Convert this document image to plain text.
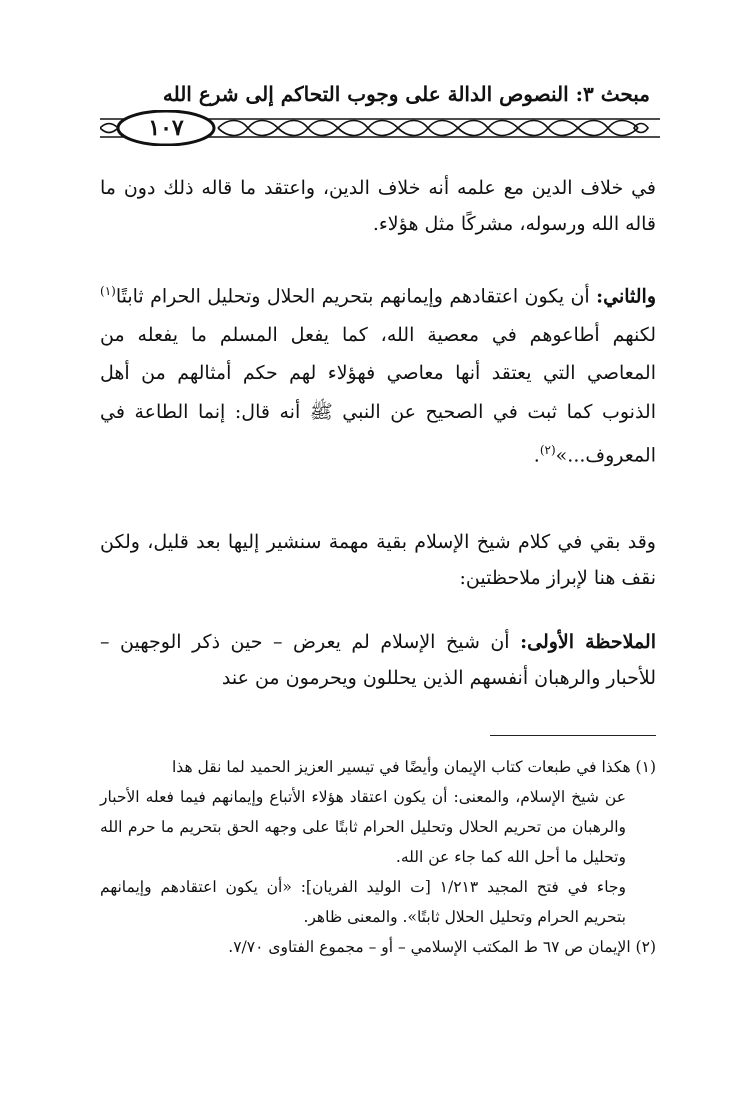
مبحث ٣: النصوص الدالة على وجوب التحاكم إلى شرع الله
١٠٧
في خلاف الدين مع علمه أنه خلاف الدين، واعتقد ما قاله ذلك دون ما قاله الله ورسوله، مشركًا مثل هؤلاء.
والثاني: أن يكون اعتقادهم وإيمانهم بتحريم الحلال وتحليل الحرام ثابتًا$^{(١)}$ لكنهم أطاعوهم في معصية الله، كما يفعل المسلم ما يفعله من المعاصي التي يعتقد أنها معاصي فهؤلاء لهم حكم أمثالهم من أهل الذنوب كما ثبت في الصحيح عن النبي ﷺ أنه قال: إنما الطاعة في المعروف...»$^{(٢)}$.
وقد بقي في كلام شيخ الإسلام بقية مهمة سنشير إليها بعد قليل، ولكن نقف هنا لإبراز ملاحظتين:
الملاحظة الأولى: أن شيخ الإسلام لم يعرض – حين ذكر الوجهين – للأحبار والرهبان أنفسهم الذين يحللون ويحرمون من عند

(١) هكذا في طبعات كتاب الإيمان وأيضًا في تيسير العزيز الحميد لما نقل هذا

عن شيخ الإسلام، والمعنى: أن يكون اعتقاد هؤلاء الأتباع وإيمانهم فيما فعله الأحبار والرهبان من تحريم الحلال وتحليل الحرام ثابتًا على وجهه الحق بتحريم ما حرم الله وتحليل ما أحل الله كما جاء عن الله.

وجاء في فتح المجيد ١/٢١٣ [ت الوليد الفريان]: «أن يكون اعتقادهم وإيمانهم بتحريم الحرام وتحليل الحلال ثابتًا». والمعنى ظاهر.

(٢) الإيمان ص ٦٧ ط المكتب الإسلامي – أو – مجموع الفتاوى ٧/٧٠.
